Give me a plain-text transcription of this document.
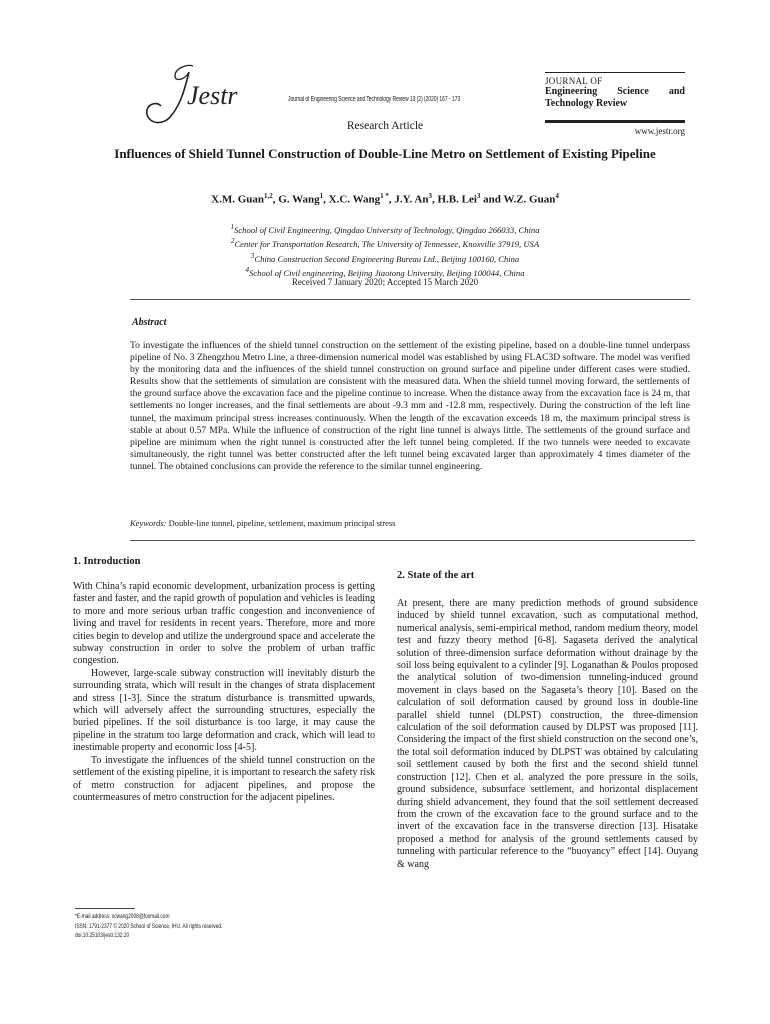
Jestr	Journal of Engineering Science and Technology Review 13 (2) (2020) 167 - 173
JOURNAL OF
Engineering Science and
Technology Review
www.jestr.org
Research Article
Influences of Shield Tunnel Construction of Double-Line Metro on Settlement of Existing Pipeline
X.M. Guan$^{1,2}$, G. Wang$^1$, X.C. Wang$^{1 *}$, J.Y. An$^3$, H.B. Lei$^3$ and W.Z. Guan$^4$
$^1$School of Civil Engineering, Qingdao University of Technology, Qingdao 266033, China
$^2$Center for Transportation Research, The University of Tennessee, Knoxville 37919, USA
$^3$China Construction Second Engineering Bureau Ltd., Beijing 100160, China
$^4$School of Civil engineering, Beijing Jiaotong University, Beijing 100044, China
Received 7 January 2020; Accepted 15 March 2020
Abstract
To investigate the influences of the shield tunnel construction on the settlement of the existing pipeline, based on a double-line tunnel underpass pipeline of No. 3 Zhengzhou Metro Line, a three-dimension numerical model was established by using FLAC3D software. The model was verified by the monitoring data and the influences of the shield tunnel construction on ground surface and pipeline under different cases were studied. Results show that the settlements of simulation are consistent with the measured data. When the shield tunnel moving forward, the settlements of the ground surface above the excavation face and the pipeline continue to increase. When the distance away from the excavation face is 24 m, that settlements no longer increases, and the final settlements are about -9.3 mm and -12.8 mm, respectively. During the construction of the left line tunnel, the maximum principal stress increases continuously. When the length of the excavation exceeds 18 m, the maximum principal stress is stable at about 0.57 MPa. While the influence of construction of the right line tunnel is always little. The settlements of the ground surface and pipeline are minimum when the right tunnel is constructed after the left tunnel being completed. If the two tunnels were needed to excavate simultaneously, the right tunnel was better constructed after the left tunnel being excavated larger than approximately 4 times diameter of the tunnel. The obtained conclusions can provide the reference to the similar tunnel engineering.
Keywords: Double-line tunnel, pipeline, settlement, maximum principal stress
1. Introduction

With China’s rapid economic development, urbanization process is getting faster and faster, and the rapid growth of population and vehicles is leading to more and more serious urban traffic congestion and inconvenience of living and travel for residents in recent years. Therefore, more and more cities begin to develop and utilize the underground space and accelerate the subway construction in order to solve the problem of urban traffic congestion.

However, large-scale subway construction will inevitably disturb the surrounding strata, which will result in the changes of strata displacement and stress [1-3]. Since the stratum disturbance is transmitted upwards, which will adversely affect the surrounding structures, especially the buried pipelines. If the soil disturbance is too large, it may cause the pipeline in the stratum too large deformation and crack, which will lead to inestimable property and economic loss [4-5].

To investigate the influences of the shield tunnel construction on the settlement of the existing pipeline, it is important to research the safety risk of metro construction for adjacent pipelines, and propose the countermeasures of metro construction for the adjacent pipelines.

2. State of the art

At present, there are many prediction methods of ground subsidence induced by shield tunnel excavation, such as computational method, numerical analysis, semi-empirical method, random medium theory, model test and fuzzy theory method [6-8]. Sagaseta derived the analytical solution of three-dimension surface deformation without drainage by the soil loss being equivalent to a cylinder [9]. Loganathan & Poulos proposed the analytical solution of two-dimension tunneling-induced ground movement in clays based on the Sagaseta’s theory [10]. Based on the calculation of soil deformation caused by ground loss in double-line parallel shield tunnel (DLPST) construction, the three-dimension calculation of the soil deformation caused by DLPST was proposed [11]. Considering the impact of the first shield construction on the second one’s, the total soil deformation induced by DLPST was obtained by calculating soil settlement caused by both the first and the second shield tunnel construction [12]. Chen et al. analyzed the pore pressure in the soils, ground subsidence, subsurface settlement, and horizontal displacement during shield advancement, they found that the soil settlement decreased from the crown of the excavation face to the ground surface and to the invert of the excavation face in the transverse direction [13]. Hisatake proposed a method for analysis of the ground settlements caused by tunneling with particular reference to the “buoyancy” effect [14]. Ouyang & wang

*E-mail address: xcwang2008@foxmail.com
ISSN: 1791-2377 © 2020 School of Science, IHU. All rights reserved.
doi:10.25103/jestr.132.20
